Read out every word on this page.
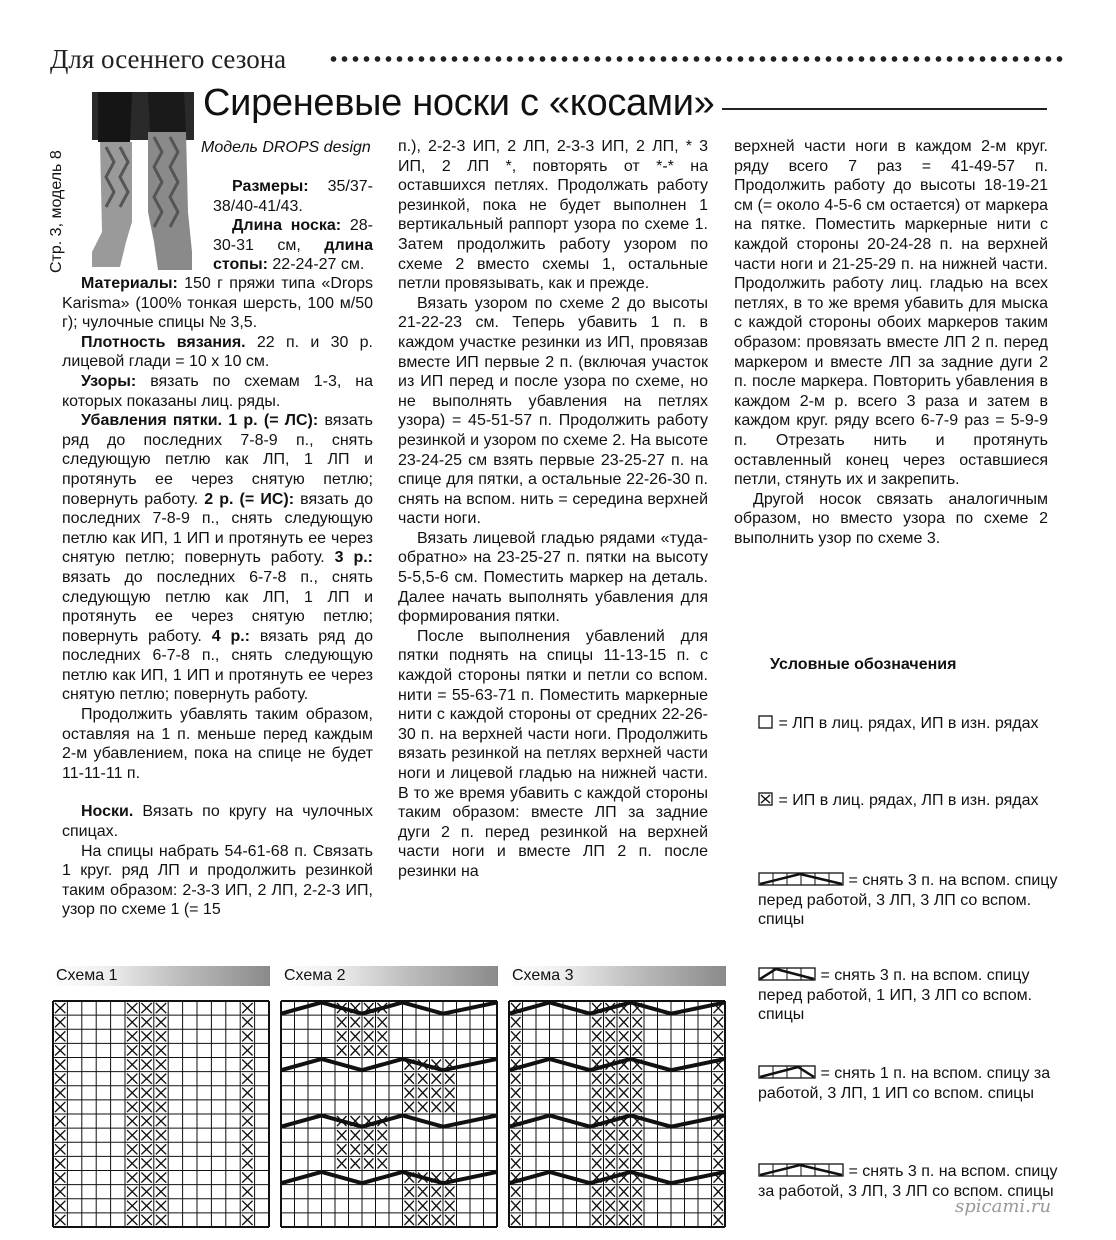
Для осеннего сезона
Стр. 3, модель 8
Сиреневые носки с «косами»
Модель DROPS design

Размеры: 35/37-38/40-41/43.

Длина носка: 28-30-31 см, длина стопы: 22-24-27 см.

Материалы: 150 г пряжи типа «Drops Karisma» (100% тонкая шерсть, 100 м/50 г); чулочные спицы № 3,5.

Плотность вязания. 22 п. и 30 р. лицевой глади = 10 х 10 см.

Узоры: вязать по схемам 1-3, на которых показаны лиц. ряды.

Убавления пятки. 1 р. (= ЛС): вязать ряд до последних 7-8-9 п., снять следующую петлю как ЛП, 1 ЛП и протянуть ее через снятую петлю; повернуть работу. 2 р. (= ИС): вязать до последних 7-8-9 п., снять следующую петлю как ИП, 1 ИП и протянуть ее через снятую петлю; повернуть работу. 3 р.: вязать до последних 6-7-8 п., снять следующую петлю как ЛП, 1 ЛП и протянуть ее через снятую петлю; повернуть работу. 4 р.: вязать ряд до последних 6-7-8 п., снять следующую петлю как ИП, 1 ИП и протянуть ее через снятую петлю; повернуть работу.

Продолжить убавлять таким образом, оставляя на 1 п. меньше перед каждым 2-м убавлением, пока на спице не будет 11-11-11 п.

Носки. Вязать по кругу на чулочных спицах.

На спицы набрать 54-61-68 п. Связать 1 круг. ряд ЛП и продолжить резинкой таким образом: 2-3-3 ИП, 2 ЛП, 2-2-3 ИП, узор по схеме 1 (= 15

п.), 2-2-3 ИП, 2 ЛП, 2-3-3 ИП, 2 ЛП, * 3 ИП, 2 ЛП *, повторять от *-* на оставшихся петлях. Продолжать работу резинкой, пока не будет выполнен 1 вертикальный раппорт узора по схеме 1. Затем продолжить работу узором по схеме 2 вместо схемы 1, остальные петли провязывать, как и прежде.

Вязать узором по схеме 2 до высоты 21-22-23 см. Теперь убавить 1 п. в каждом участке резинки из ИП, провязав вместе ИП первые 2 п. (включая участок из ИП перед и после узора по схеме, но не выполнять убавления на петлях узора) = 45-51-57 п. Продолжить работу резинкой и узором по схеме 2. На высоте 23-24-25 см взять первые 23-25-27 п. на спице для пятки, а остальные 22-26-30 п. снять на вспом. нить = середина верхней части ноги.

Вязать лицевой гладью рядами «туда-обратно» на 23-25-27 п. пятки на высоту 5-5,5-6 см. Поместить маркер на деталь. Далее начать выполнять убавления для формирования пятки.

После выполнения убавлений для пятки поднять на спицы 11-13-15 п. с каждой стороны пятки и петли со вспом. нити = 55-63-71 п. Поместить маркерные нити с каждой стороны от средних 22-26-30 п. на верхней части ноги. Продолжить вязать резинкой на петлях верхней части ноги и лицевой гладью на нижней части. В то же время убавить с каждой стороны таким образом: вместе ЛП за задние дуги 2 п. перед резинкой на верхней части ноги и вместе ЛП 2 п. после резинки на

верхней части ноги в каждом 2-м круг. ряду всего 7 раз = 41-49-57 п. Продолжить работу до высоты 18-19-21 см (= около 4-5-6 см остается) от маркера на пятке. Поместить маркерные нити с каждой стороны 20-24-28 п. на верхней части ноги и 21-25-29 п. на нижней части. Продолжить работу лиц. гладью на всех петлях, в то же время убавить для мыска с каждой стороны обоих маркеров таким образом: провязать вместе ЛП 2 п. перед маркером и вместе ЛП за задние дуги 2 п. после маркера. Повторить убавления в каждом 2-м р. всего 3 раза и затем в каждом круг. ряду всего 6-7-9 раз = 5-9-9 п. Отрезать нить и протянуть оставленный конец через оставшиеся петли, стянуть их и закрепить.

Другой носок связать аналогичным образом, но вместо узора по схеме 2 выполнить узор по схеме 3.

Условные обозначения
= ЛП в лиц. рядах, ИП в изн. рядах
= ИП в лиц. рядах, ЛП в изн. рядах
= снять 3 п. на вспом. спицу перед работой, 3 ЛП, 3 ЛП со вспом. спицы
= снять 3 п. на вспом. спицу перед работой, 1 ИП, 3 ЛП со вспом. спицы
= снять 1 п. на вспом. спицу за работой, 3 ЛП, 1 ИП со вспом. спицы
= снять 3 п. на вспом. спицу за работой, 3 ЛП, 3 ЛП со вспом. спицы
Схема 1	Схема 2	Схема 3
spicami.ru
